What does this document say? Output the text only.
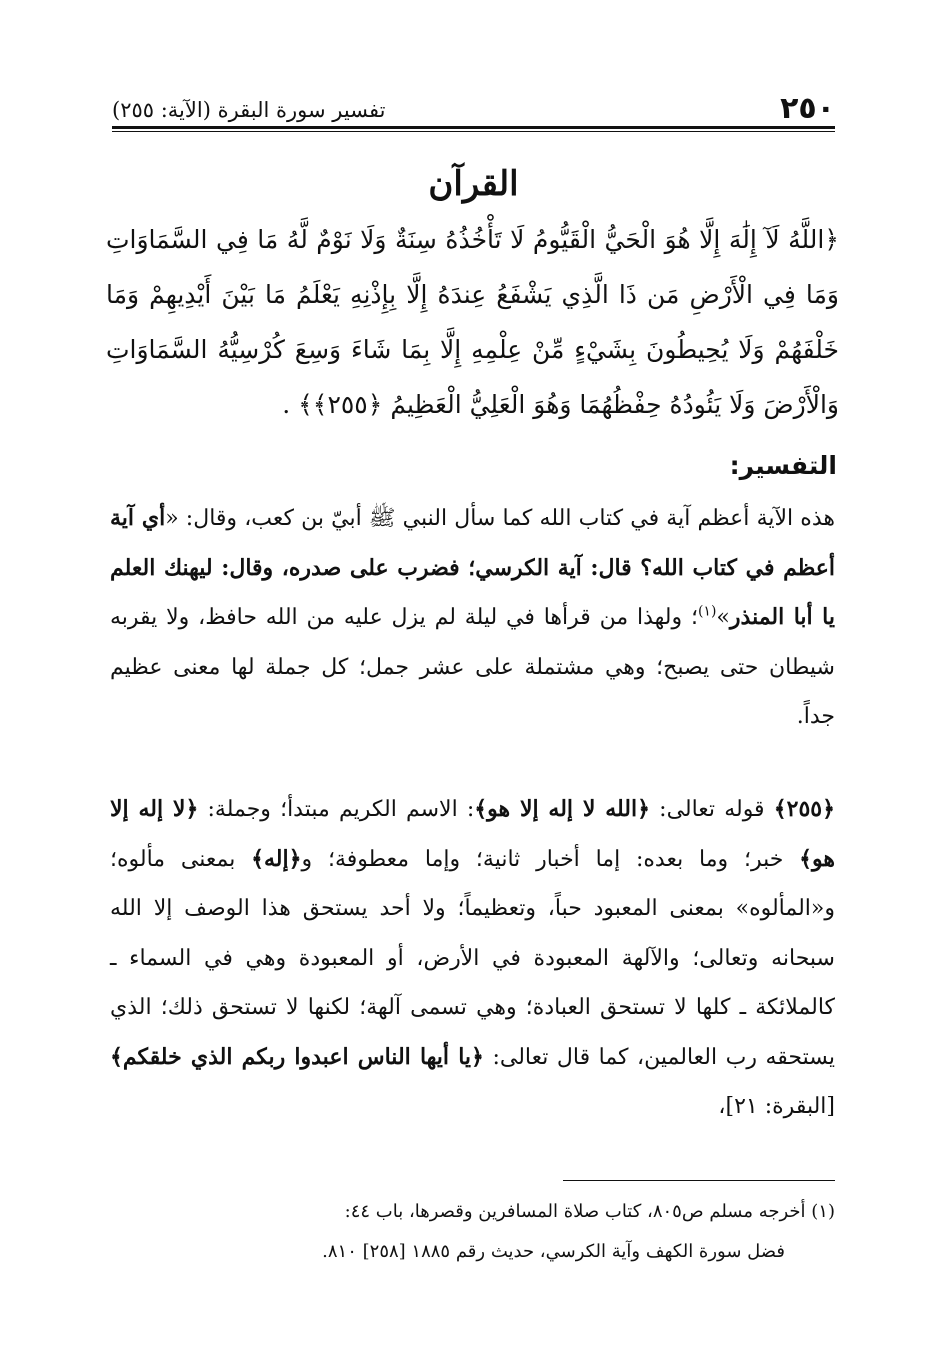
٢٥٠
تفسير سورة البقرة (الآية: ٢٥٥)
القرآن
﴿اللَّهُ لَآ إِلَٰهَ إِلَّا هُوَ الْحَيُّ الْقَيُّومُ لَا تَأْخُذُهُ سِنَةٌ وَلَا نَوْمٌ لَّهُ مَا فِي السَّمَاوَاتِ وَمَا فِي الْأَرْضِ مَن ذَا الَّذِي يَشْفَعُ عِندَهُ إِلَّا بِإِذْنِهِ يَعْلَمُ مَا بَيْنَ أَيْدِيهِمْ وَمَا خَلْفَهُمْ وَلَا يُحِيطُونَ بِشَيْءٍ مِّنْ عِلْمِهِ إِلَّا بِمَا شَاءَ وَسِعَ كُرْسِيُّهُ السَّمَاوَاتِ وَالْأَرْضَ وَلَا يَئُودُهُ حِفْظُهُمَا وَهُوَ الْعَلِيُّ الْعَظِيمُ ﴿٢٥٥﴾﴾ .
التفسير:
هذه الآية أعظم آية في كتاب الله كما سأل النبي ﷺ أبيّ بن كعب، وقال: «أي آية أعظم في كتاب الله؟ قال: آية الكرسي؛ فضرب على صدره، وقال: ليهنك العلم يا أبا المنذر»$^{(١)}$؛ ولهذا من قرأها في ليلة لم يزل عليه من الله حافظ، ولا يقربه شيطان حتى يصبح؛ وهي مشتملة على عشر جمل؛ كل جملة لها معنى عظيم جداً.
﴿٢٥٥﴾ قوله تعالى: ﴿الله لا إله إلا هو﴾: الاسم الكريم مبتدأ؛ وجملة: ﴿لا إله إلا هو﴾ خبر؛ وما بعده: إما أخبار ثانية؛ وإما معطوفة؛ و﴿إله﴾ بمعنى مألوه؛ و«المألوه» بمعنى المعبود حباً، وتعظيماً؛ ولا أحد يستحق هذا الوصف إلا الله سبحانه وتعالى؛ والآلهة المعبودة في الأرض، أو المعبودة وهي في السماء ـ كالملائكة ـ كلها لا تستحق العبادة؛ وهي تسمى آلهة؛ لكنها لا تستحق ذلك؛ الذي يستحقه رب العالمين، كما قال تعالى: ﴿يا أيها الناس اعبدوا ربكم الذي خلقكم﴾ [البقرة: ٢١]،
(١) أخرجه مسلم ص٨٠٥، كتاب صلاة المسافرين وقصرها، باب ٤٤:
فضل سورة الكهف وآية الكرسي، حديث رقم ١٨٨٥ [٢٥٨] ٨١٠.
